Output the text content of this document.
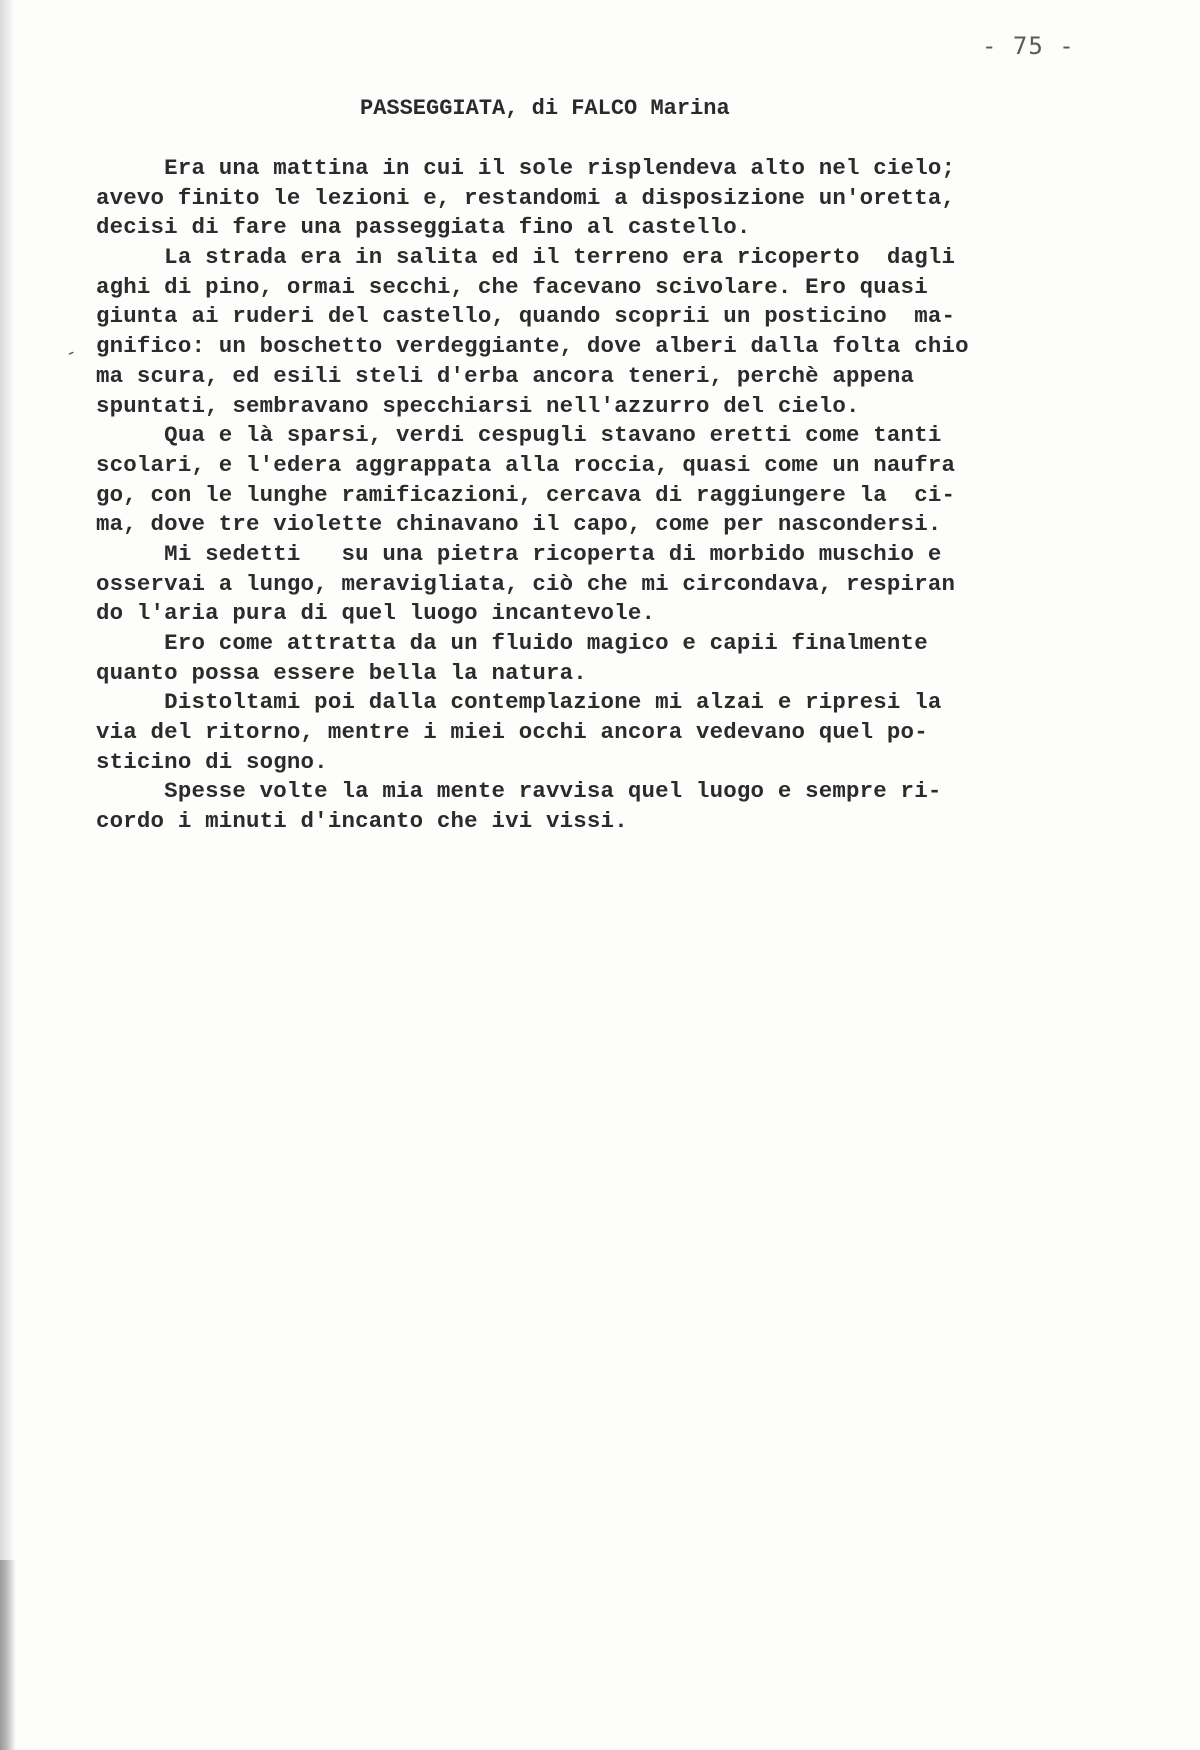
- 75 -
PASSEGGIATA, di FALCO Marina
-
Era una mattina in cui il sole risplendeva alto nel cielo;
avevo finito le lezioni e, restandomi a disposizione un'oretta,
decisi di fare una passeggiata fino al castello.
La strada era in salita ed il terreno era ricoperto  dagli
aghi di pino, ormai secchi, che facevano scivolare. Ero quasi
giunta ai ruderi del castello, quando scoprii un posticino  ma-
gnifico: un boschetto verdeggiante, dove alberi dalla folta chio
ma scura, ed esili steli d'erba ancora teneri, perchè appena
spuntati, sembravano specchiarsi nell'azzurro del cielo.
Qua e là sparsi, verdi cespugli stavano eretti come tanti
scolari, e l'edera aggrappata alla roccia, quasi come un naufra
go, con le lunghe ramificazioni, cercava di raggiungere la  ci-
ma, dove tre violette chinavano il capo, come per nascondersi.
Mi sedetti   su una pietra ricoperta di morbido muschio e
osservai a lungo, meravigliata, ciò che mi circondava, respiran
do l'aria pura di quel luogo incantevole.
Ero come attratta da un fluido magico e capii finalmente
quanto possa essere bella la natura.
Distoltami poi dalla contemplazione mi alzai e ripresi la
via del ritorno, mentre i miei occhi ancora vedevano quel po-
sticino di sogno.
Spesse volte la mia mente ravvisa quel luogo e sempre ri-
cordo i minuti d'incanto che ivi vissi.
